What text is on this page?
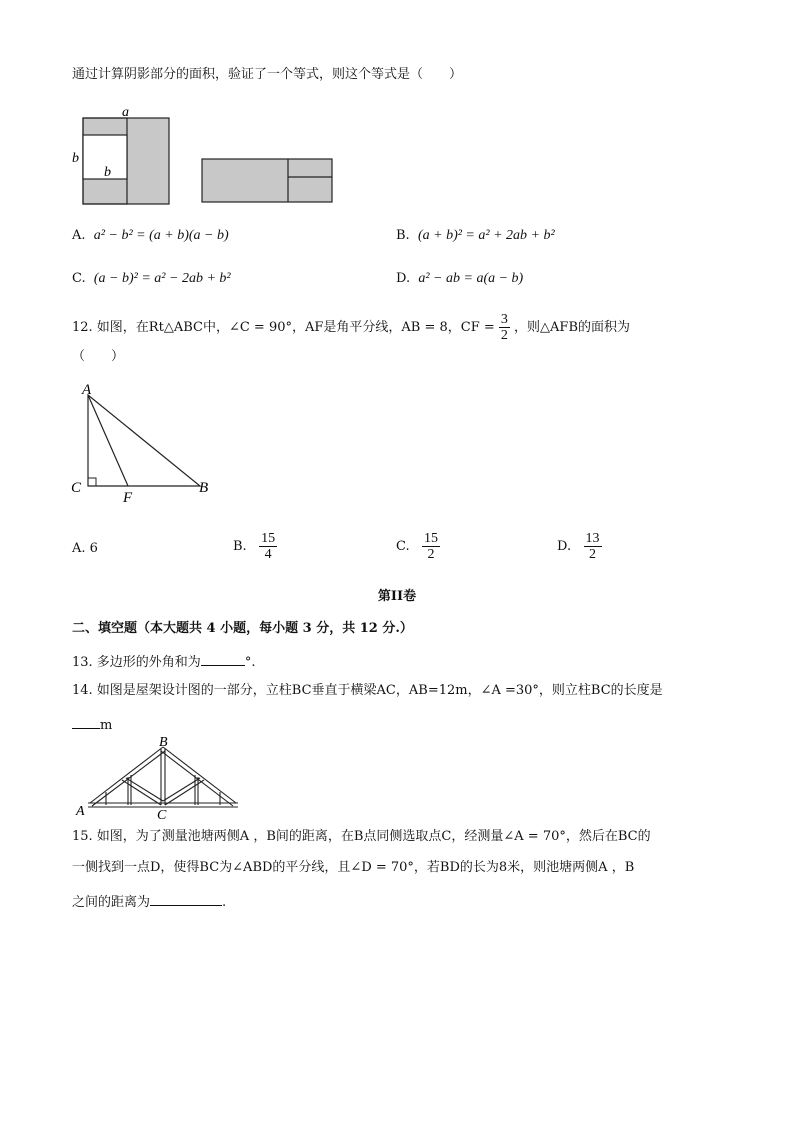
通过计算阴影部分的面积，验证了一个等式，则这个等式是（　　）
a
b
b
A. a² − b² = (a + b)(a − b)	B. (a + b)² = a² + 2ab + b²
C. (a − b)² = a² − 2ab + b²	D. a² − ab = a(a − b)
12. 如图，在Rt△ABC中，∠C = 90°，AF是角平分线，AB = 8，CF = $\frac{3}{2}$ ，则△AFB的面积为
（　　）
A
C
F
B
A. 6	B. $\frac{15}{4}$	C. $\frac{15}{2}$	D. $\frac{13}{2}$
第II卷
二、填空题（本大题共 4 小题，每小题 3 分，共 12 分.）
13. 多边形的外角和为	°.
14. 如图是屋架设计图的一部分，立柱BC垂直于横梁AC，AB=12m，∠A =30°，则立柱BC的长度是
m
B
A	C
15. 如图，为了测量池塘两侧A ，B间的距离，在B点同侧选取点C，经测量∠A = 70°，然后在BC的
一侧找到一点D，使得BC为∠ABD的平分线，且∠D = 70°，若BD的长为8米，则池塘两侧A ，B
之间的距离为	.
